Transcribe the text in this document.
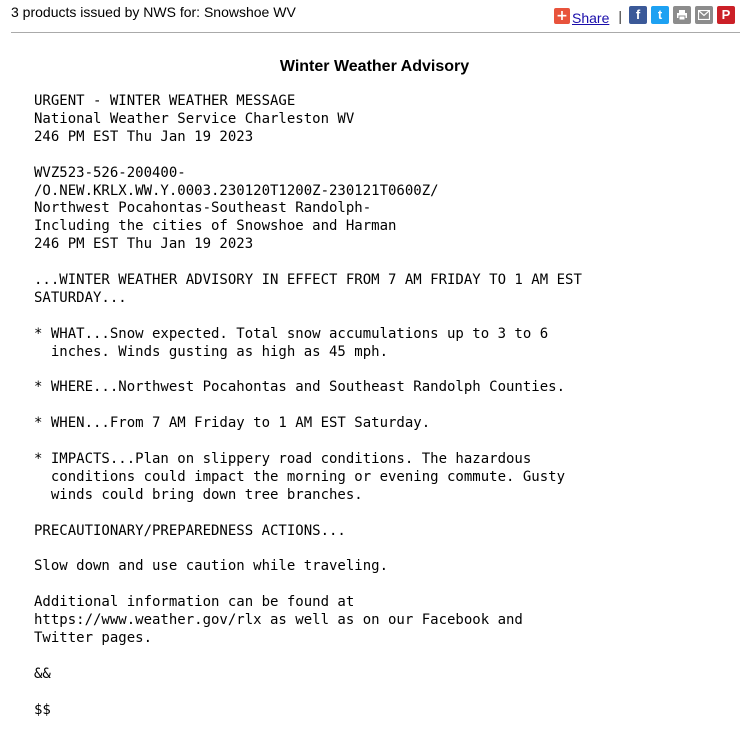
3 products issued by NWS for: Snowshoe WV	+ Share |	f	t	P
Winter Weather Advisory
URGENT - WINTER WEATHER MESSAGE
National Weather Service Charleston WV
246 PM EST Thu Jan 19 2023
WVZ523-526-200400-
/O.NEW.KRLX.WW.Y.0003.230120T1200Z-230121T0600Z/
Northwest Pocahontas-Southeast Randolph-
Including the cities of Snowshoe and Harman
246 PM EST Thu Jan 19 2023
...WINTER WEATHER ADVISORY IN EFFECT FROM 7 AM FRIDAY TO 1 AM EST
SATURDAY...
* WHAT...Snow expected. Total snow accumulations up to 3 to 6
inches. Winds gusting as high as 45 mph.
* WHERE...Northwest Pocahontas and Southeast Randolph Counties.
* WHEN...From 7 AM Friday to 1 AM EST Saturday.
* IMPACTS...Plan on slippery road conditions. The hazardous
conditions could impact the morning or evening commute. Gusty
winds could bring down tree branches.
PRECAUTIONARY/PREPAREDNESS ACTIONS...
Slow down and use caution while traveling.
Additional information can be found at
https://www.weather.gov/rlx as well as on our Facebook and
Twitter pages.
&&
$$
